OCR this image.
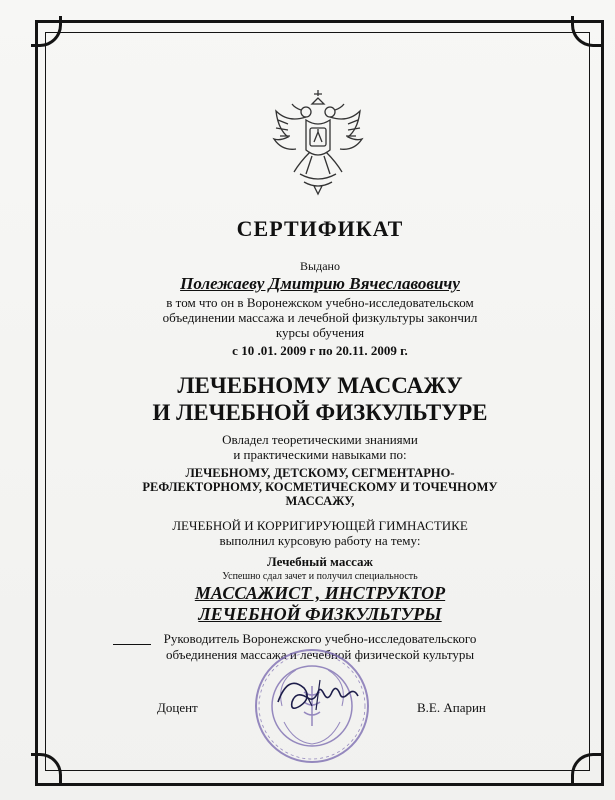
СЕРТИФИКАТ
Выдано
Полежаеву Дмитрию Вячеславовичу
в том что он в Воронежском учебно-исследовательском
объединении массажа и лечебной физкультуры закончил
курсы обучения
с 10 .01. 2009 г по 20.11. 2009 г.
ЛЕЧЕБНОМУ МАССАЖУ
И ЛЕЧЕБНОЙ ФИЗКУЛЬТУРЕ
Овладел теоретическими знаниями
и практическими навыками по:
ЛЕЧЕБНОМУ, ДЕТСКОМУ, СЕГМЕНТАРНО-
РЕФЛЕКТОРНОМУ, КОСМЕТИЧЕСКОМУ И ТОЧЕЧНОМУ
МАССАЖУ,
ЛЕЧЕБНОЙ И КОРРИГИРУЮЩЕЙ ГИМНАСТИКЕ
выполнил курсовую работу на тему:
Лечебный массаж
Успешно сдал зачет и получил специальность
МАССАЖИСТ , ИНСТРУКТОР
ЛЕЧЕБНОЙ ФИЗКУЛЬТУРЫ
Руководитель Воронежского учебно-исследовательского
объединения массажа и лечебной физической культуры
Доцент	В.Е. Апарин
